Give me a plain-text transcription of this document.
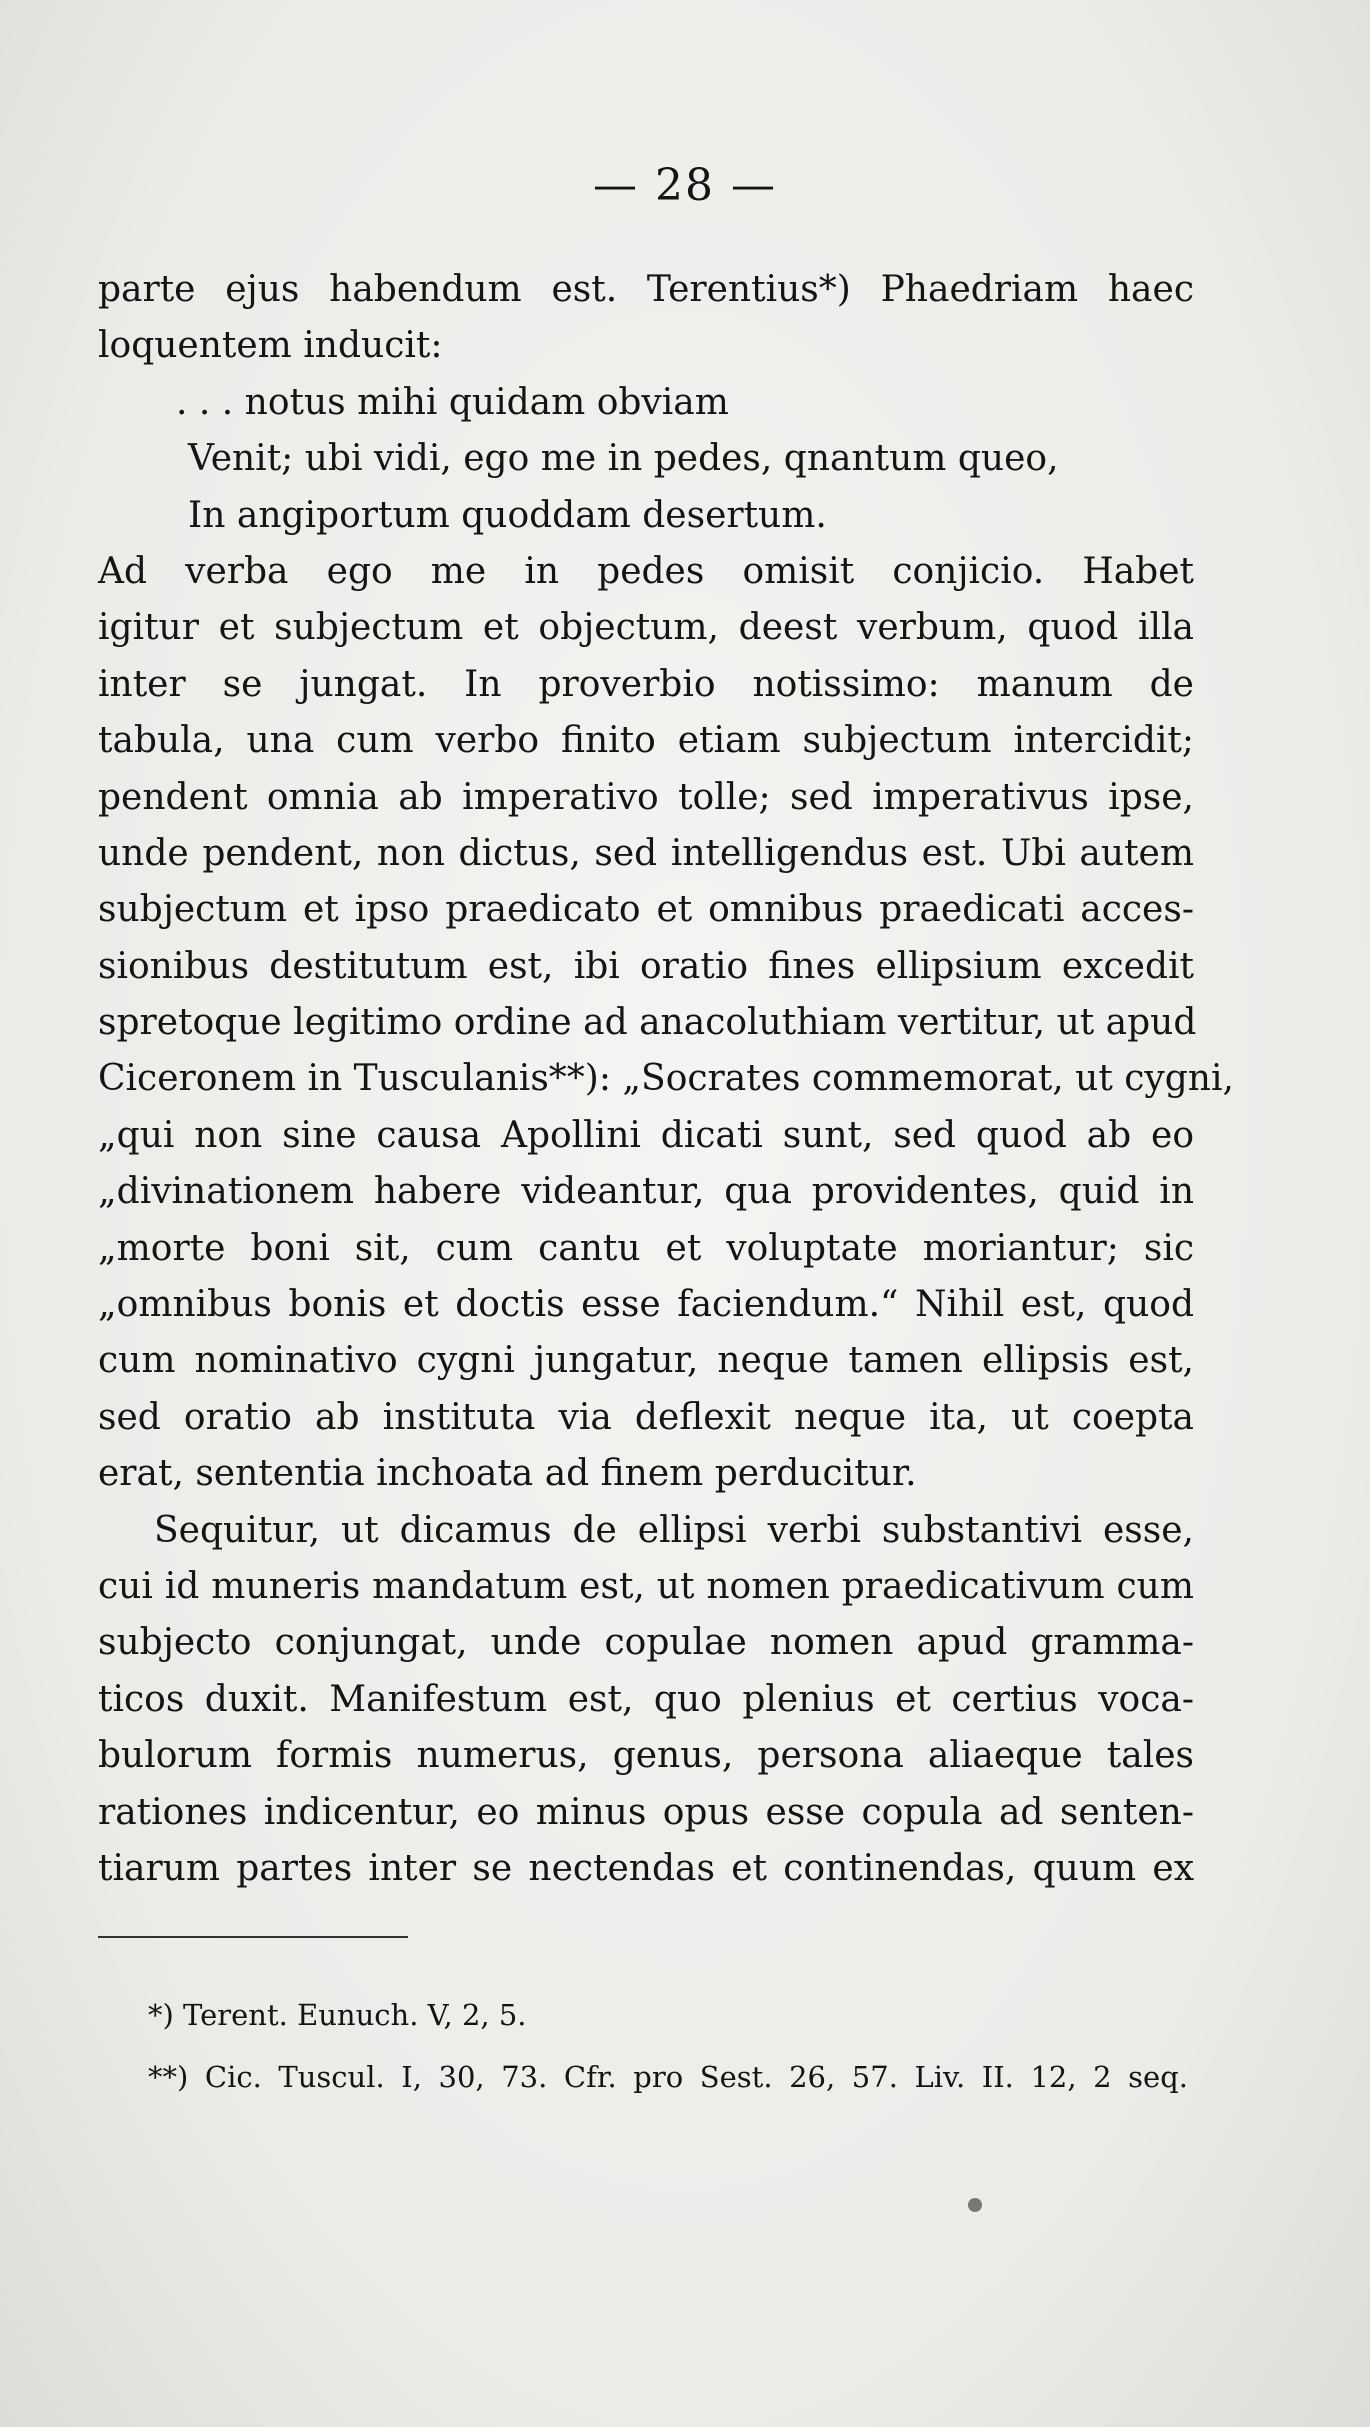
— 28 —
parte ejus habendum est. Terentius*) Phaedriam haec
loquentem inducit:
. . . notus mihi quidam obviam
Venit; ubi vidi, ego me in pedes, qnantum queo,
In angiportum quoddam desertum.
Ad verba ego me in pedes omisit conjicio. Habet
igitur et subjectum et objectum, deest verbum, quod illa
inter se jungat. In proverbio notissimo: manum de
tabula, una cum verbo finito etiam subjectum intercidit;
pendent omnia ab imperativo tolle; sed imperativus ipse,
unde pendent, non dictus, sed intelligendus est. Ubi autem
subjectum et ipso praedicato et omnibus praedicati acces-
sionibus destitutum est, ibi oratio fines ellipsium excedit
spretoque legitimo ordine ad anacoluthiam vertitur, ut apud
Ciceronem in Tusculanis**): „Socrates commemorat, ut cygni,
„qui non sine causa Apollini dicati sunt, sed quod ab eo
„divinationem habere videantur, qua providentes, quid in
„morte boni sit, cum cantu et voluptate moriantur; sic
„omnibus bonis et doctis esse faciendum.“ Nihil est, quod
cum nominativo cygni jungatur, neque tamen ellipsis est,
sed oratio ab instituta via deflexit neque ita, ut coepta
erat, sententia inchoata ad finem perducitur.
Sequitur, ut dicamus de ellipsi verbi substantivi esse,
cui id muneris mandatum est, ut nomen praedicativum cum
subjecto conjungat, unde copulae nomen apud gramma-
ticos duxit. Manifestum est, quo plenius et certius voca-
bulorum formis numerus, genus, persona aliaeque tales
rationes indicentur, eo minus opus esse copula ad senten-
tiarum partes inter se nectendas et continendas, quum ex
*) Terent. Eunuch. V, 2, 5.
**) Cic. Tuscul. I, 30, 73. Cfr. pro Sest. 26, 57. Liv. II. 12, 2 seq.
